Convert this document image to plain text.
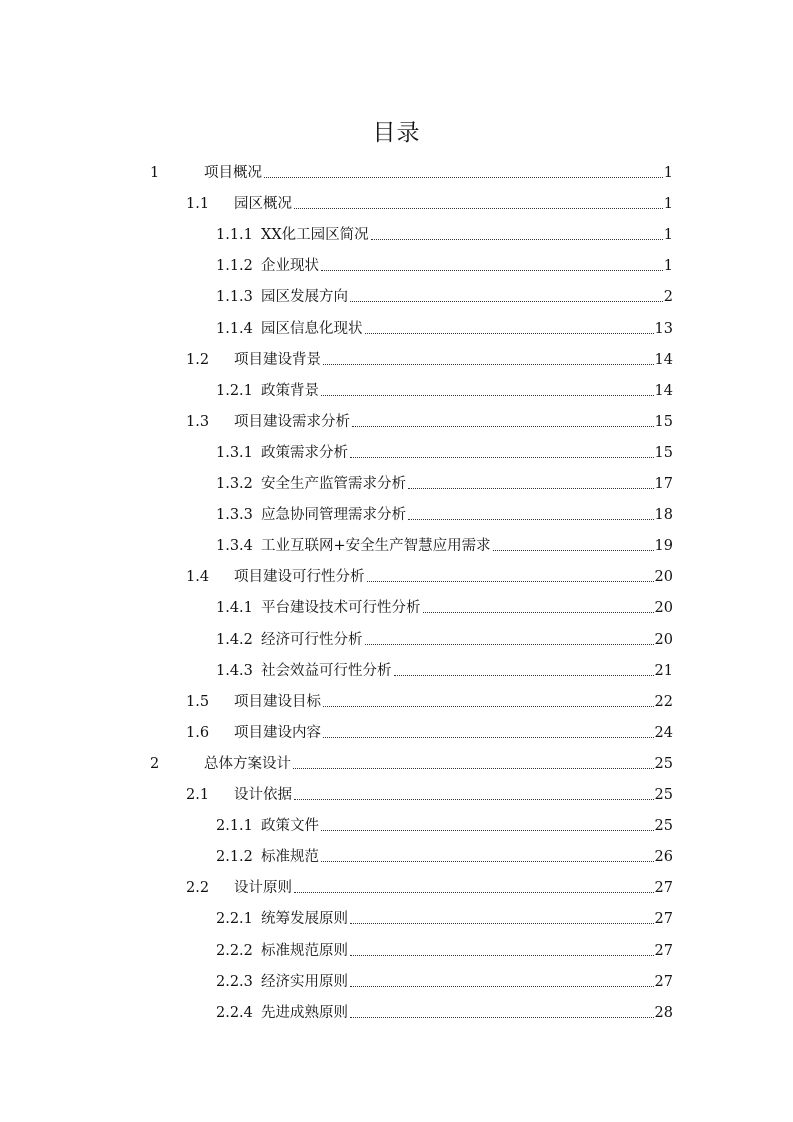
目录
1	项目概况	1
1.1	园区概况	1
1.1.1 XX化工园区简况	1
1.1.2 企业现状	1
1.1.3 园区发展方向	2
1.1.4 园区信息化现状	13
1.2	项目建设背景	14
1.2.1 政策背景	14
1.3	项目建设需求分析	15
1.3.1 政策需求分析	15
1.3.2 安全生产监管需求分析	17
1.3.3 应急协同管理需求分析	18
1.3.4 工业互联网+安全生产智慧应用需求	19
1.4	项目建设可行性分析	20
1.4.1 平台建设技术可行性分析	20
1.4.2 经济可行性分析	20
1.4.3 社会效益可行性分析	21
1.5	项目建设目标	22
1.6	项目建设内容	24
2	总体方案设计	25
2.1	设计依据	25
2.1.1 政策文件	25
2.1.2 标准规范	26
2.2	设计原则	27
2.2.1 统筹发展原则	27
2.2.2 标准规范原则	27
2.2.3 经济实用原则	27
2.2.4 先进成熟原则	28
